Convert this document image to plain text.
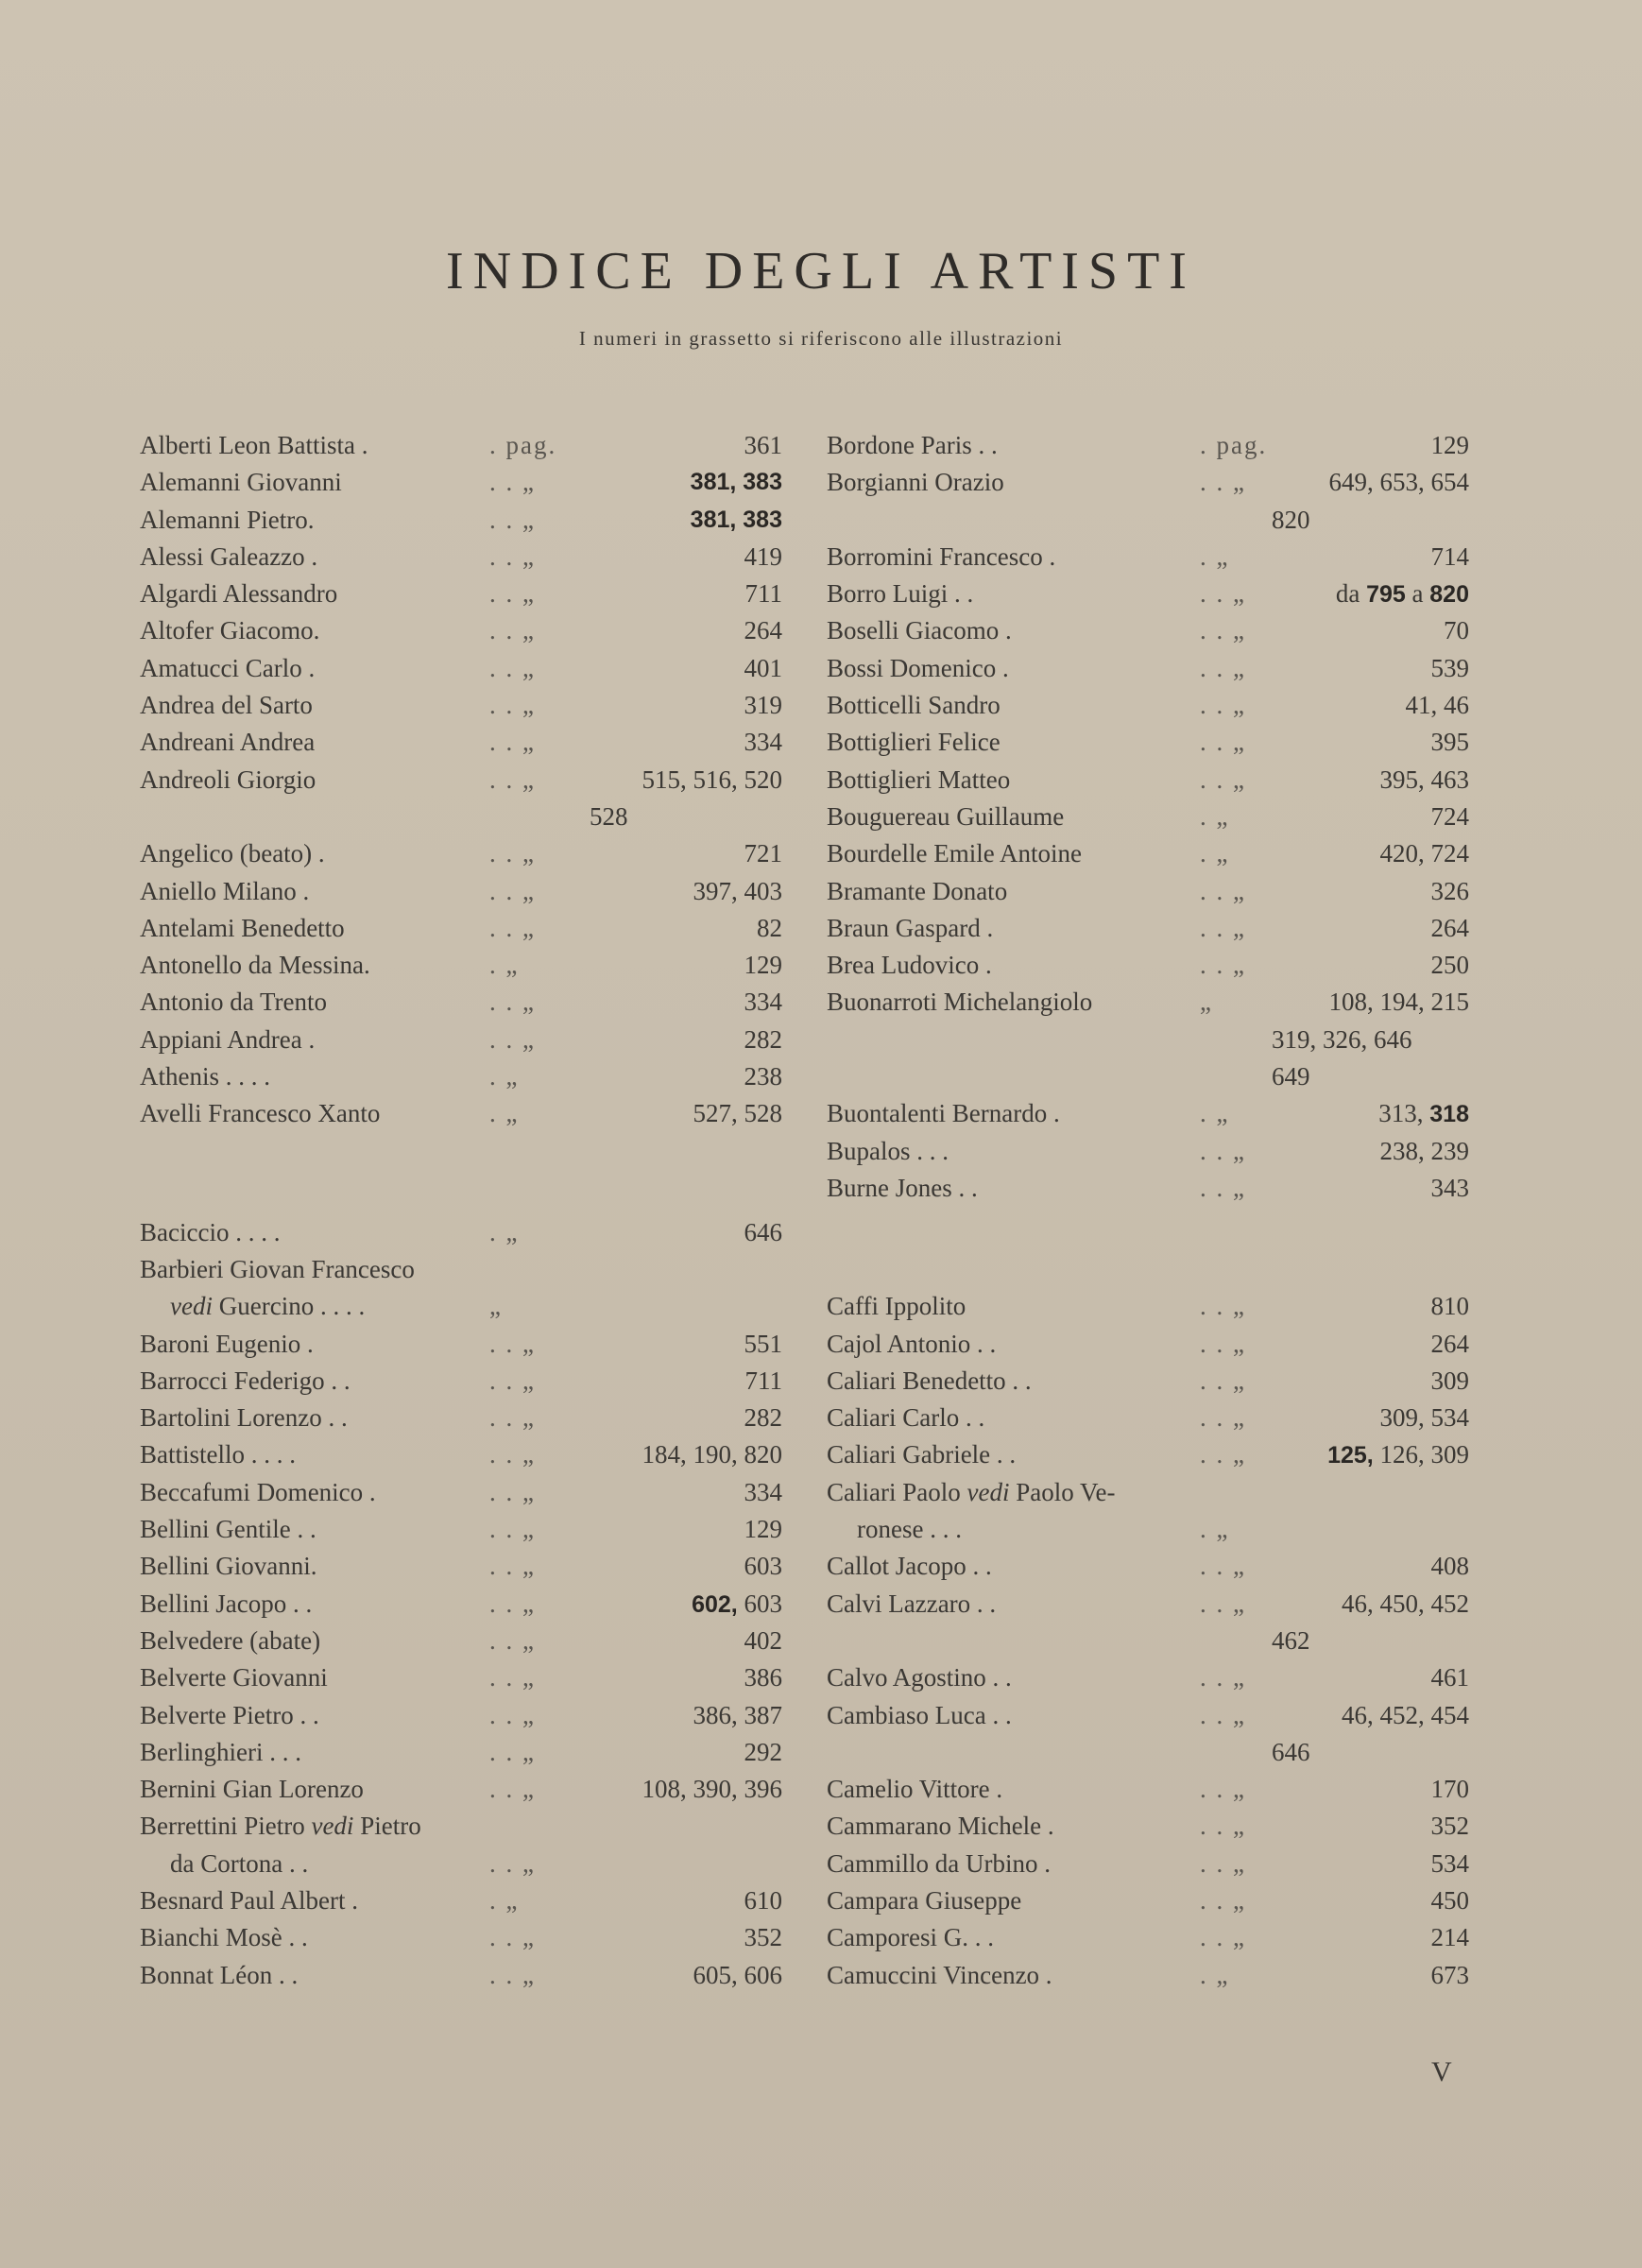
INDICE DEGLI ARTISTI
I numeri in grassetto si riferiscono alle illustrazioni
Alberti Leon Battista .	. pag.	361
Alemanni Giovanni	. . „	381, 383
Alemanni Pietro.	. . „	381, 383
Alessi Galeazzo .	. . „	419
Algardi Alessandro	. . „	711
Altofer Giacomo.	. . „	264
Amatucci Carlo .	. . „	401
Andrea del Sarto	. . „	319
Andreani Andrea	. . „	334
Andreoli Giorgio	. . „	515, 516, 520
528
Angelico (beato) .	. . „	721
Aniello Milano .	. . „	397, 403
Antelami Benedetto	. . „	82
Antonello da Messina.	. „	129
Antonio da Trento	. . „	334
Appiani Andrea .	. . „	282
Athenis . . . .	. „	238
Avelli Francesco Xanto	. „	527, 528
Baciccio . . . .	. „	646
Barbieri Giovan Francesco
vedi Guercino . . . .	„
Baroni Eugenio .	. . „	551
Barrocci Federigo . .	. . „	711
Bartolini Lorenzo . .	. . „	282
Battistello . . . .	. . „	184, 190, 820
Beccafumi Domenico .	. . „	334
Bellini Gentile . .	. . „	129
Bellini Giovanni.	. . „	603
Bellini Jacopo . .	. . „	602, 603
Belvedere (abate)	. . „	402
Belverte Giovanni	. . „	386
Belverte Pietro . .	. . „	386, 387
Berlinghieri . . .	. . „	292
Bernini Gian Lorenzo	. . „	108, 390, 396
Berrettini Pietro vedi Pietro
da Cortona . .	. . „
Besnard Paul Albert .	. „	610
Bianchi Mosè . .	. . „	352
Bonnat Léon . .	. . „	605, 606
Bordone Paris . .	. pag.	129
Borgianni Orazio	. . „	649, 653, 654
820
Borromini Francesco .	. „	714
Borro Luigi . .	. . „	da 795 a 820
Boselli Giacomo .	. . „	70
Bossi Domenico .	. . „	539
Botticelli Sandro	. . „	41, 46
Bottiglieri Felice	. . „	395
Bottiglieri Matteo	. . „	395, 463
Bouguereau Guillaume	. „	724
Bourdelle Emile Antoine	. „	420, 724
Bramante Donato	. . „	326
Braun Gaspard .	. . „	264
Brea Ludovico .	. . „	250
Buonarroti Michelangiolo	„	108, 194, 215
319, 326, 646
649
Buontalenti Bernardo .	. „	313, 318
Bupalos . . .	. . „	238, 239
Burne Jones . .	. . „	343
Caffi Ippolito	. . „	810
Cajol Antonio . .	. . „	264
Caliari Benedetto . .	. . „	309
Caliari Carlo . .	. . „	309, 534
Caliari Gabriele . .	. . „	125, 126, 309
Caliari Paolo vedi Paolo Ve-
ronese . . .	. „
Callot Jacopo . .	. . „	408
Calvi Lazzaro . .	. . „	46, 450, 452
462
Calvo Agostino . .	. . „	461
Cambiaso Luca . .	. . „	46, 452, 454
646
Camelio Vittore .	. . „	170
Cammarano Michele .	. . „	352
Cammillo da Urbino .	. . „	534
Campara Giuseppe	. . „	450
Camporesi G. . .	. . „	214
Camuccini Vincenzo .	. „	673
V
